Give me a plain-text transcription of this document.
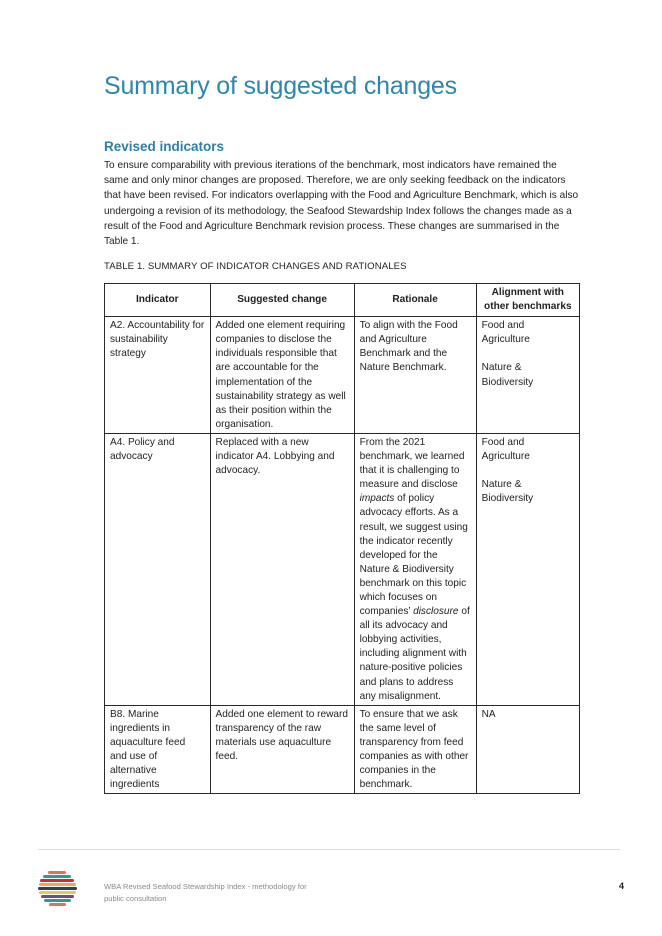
Summary of suggested changes
Revised indicators

To ensure comparability with previous iterations of the benchmark, most indicators have remained the same and only minor changes are proposed. Therefore, we are only seeking feedback on the indicators that have been revised. For indicators overlapping with the Food and Agriculture Benchmark, which is also undergoing a revision of its methodology, the Seafood Stewardship Index follows the changes made as a result of the Food and Agriculture Benchmark revision process. These changes are summarised in the Table 1.

TABLE 1. SUMMARY OF INDICATOR CHANGES AND RATIONALES

Indicator	Suggested change	Rationale	Alignment with other benchmarks
A2. Accountability for sustainability strategy	Added one element requiring companies to disclose the individuals responsible that are accountable for the implementation of the sustainability strategy as well as their position within the organisation.	To align with the Food and Agriculture Benchmark and the Nature Benchmark.	Food and Agriculture
Nature & Biodiversity
A4. Policy and advocacy	Replaced with a new indicator A4. Lobbying and advocacy.	From the 2021 benchmark, we learned that it is challenging to measure and disclose impacts of policy advocacy efforts. As a result, we suggest using the indicator recently developed for the Nature & Biodiversity benchmark on this topic which focuses on companies’ disclosure of all its advocacy and lobbying activities, including alignment with nature-positive policies and plans to address any misalignment.	Food and Agriculture
Nature & Biodiversity
B8. Marine ingredients in aquaculture feed and use of alternative ingredients	Added one element to reward transparency of the raw materials use aquaculture feed.	To ensure that we ask the same level of transparency from feed companies as with other companies in the benchmark.	NA

WBA Revised Seafood Stewardship Index - methodology for public consultation

4
